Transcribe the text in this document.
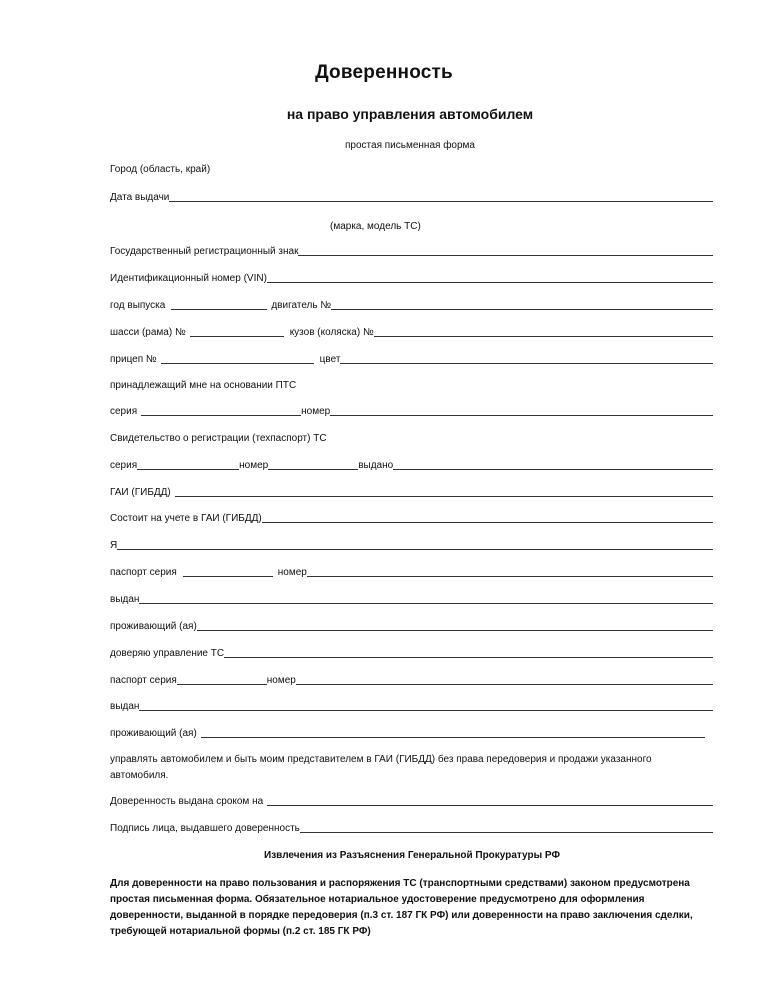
Доверенность
на право управления автомобилем
простая письменная форма
Город (область, край)
Дата выдачи
(марка, модель ТС)
Государственный регистрационный знак
Идентификационный номер (VIN)
год выпуска	двигатель №
шасси (рама) №	кузов (коляска) №
прицеп №	цвет
принадлежащий мне на основании ПТС
серия	номер
Свидетельство о регистрации (техпаспорт) ТС
серия	номер	выдано
ГАИ (ГИБДД)
Состоит на учете в ГАИ (ГИБДД)
Я
паспорт серия	номер
выдан
проживающий (ая)
доверяю управление ТС
паспорт серия	номер
выдан
проживающий (ая)
управлять автомобилем и быть моим представителем в ГАИ (ГИБДД) без права передоверия и продажи указанного автомобиля.
Доверенность выдана сроком на
Подпись лица, выдавшего доверенность
Извлечения из Разъяснения Генеральной Прокуратуры РФ
Для доверенности на право пользования и распоряжения ТС (транспортными средствами) законом предусмотрена простая письменная форма. Обязательное нотариальное удостоверение предусмотрено для оформления доверенности, выданной в порядке передоверия (п.3 ст. 187 ГК РФ) или доверенности на право заключения сделки, требующей нотариальной формы (п.2 ст. 185 ГК РФ)
